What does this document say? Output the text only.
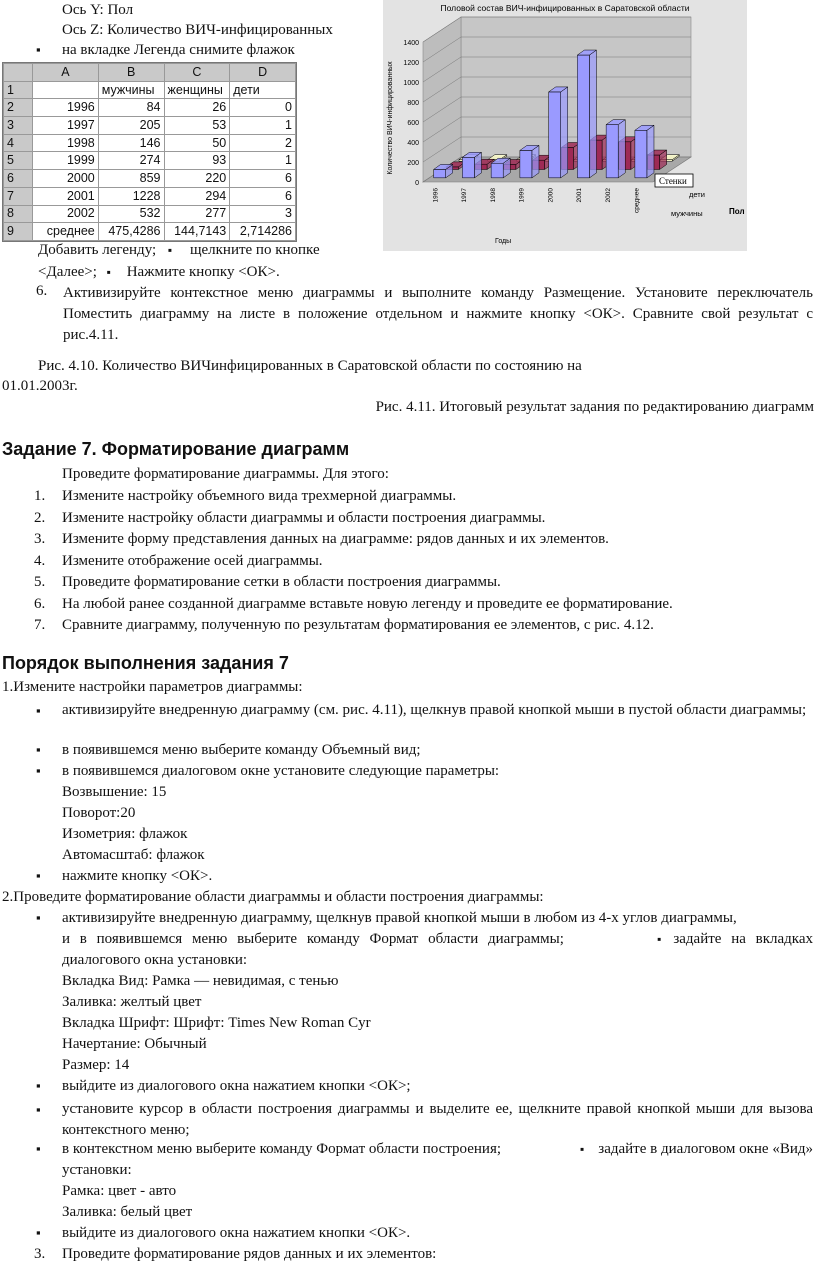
Ось Y: Пол
Ось Z: Количество ВИЧ-инфицированных
▪ на вкладке Легенда снимите флажок
	A	B	C	D
1		мужчины	женщины	дети
2	1996	84	26	0
3	1997	205	53	1
4	1998	146	50	2
5	1999	274	93	1
6	2000	859	220	6
7	2001	1228	294	6
8	2002	532	277	3
9	среднее	475,4286	144,7143	2,714286
Половой состав ВИЧ-инфицированных в Саратовской области
0
200
400
600
800
1000
1200
1400
1996	1997	1998	1999	2000	2001	2002	среднее
мужчины
дети
Количество ВИЧ-инфицированных
Годы
Пол
Стенки
Добавить легенду; ▪ щелкните по кнопке
<Далее>; ▪ Нажмите кнопку <ОК>.
6. Активизируйте контекстное меню диаграммы и выполните команду Размещение. Установите переключатель Поместить диаграмму на листе в положение отдельном и нажмите кнопку <ОК>. Сравните свой результат с рис.4.11.
Рис. 4.10. Количество ВИЧинфицированных в Саратовской области по состоянию на
01.01.2003г.
Рис. 4.11. Итоговый результат задания по редактированию диаграмм
Задание 7. Форматирование диаграмм
Проведите форматирование диаграммы. Для этого:
1. Измените настройку объемного вида трехмерной диаграммы.
2. Измените настройку области диаграммы и области построения диаграммы.
3. Измените форму представления данных на диаграмме: рядов данных и их элементов.
4. Измените отображение осей диаграммы.
5. Проведите форматирование сетки в области построения диаграммы.
6. На любой ранее созданной диаграмме вставьте новую легенду и проведите ее форматирование.
7. Сравните диаграмму, полученную по результатам форматирования ее элементов, с рис. 4.12.
Порядок выполнения задания 7
1.Измените настройки параметров диаграммы:
▪ активизируйте внедренную диаграмму (см. рис. 4.11), щелкнув правой кнопкой мыши в пустой области диаграммы;
▪ в появившемся меню выберите команду Объемный вид;
▪ в появившемся диалоговом окне установите следующие параметры:
Возвышение: 15
Поворот:20
Изометрия: флажок
Автомасштаб: флажок
▪ нажмите кнопку <ОК>.
2.Проведите форматирование области диаграммы и области построения диаграммы:
▪ активизируйте внедренную диаграмму, щелкнув правой кнопкой мыши в любом из 4-х углов диаграммы,
и в появившемся меню выберите команду Формат области диаграммы;	▪ задайте на вкладках
диалогового окна установки:
Вкладка Вид: Рамка — невидимая, с тенью
Заливка: желтый цвет
Вкладка Шрифт: Шрифт: Times New Roman Cyr
Начертание: Обычный
Размер: 14
▪ выйдите из диалогового окна нажатием кнопки <ОК>;
▪ установите курсор в области построения диаграммы и выделите ее, щелкните правой кнопкой мыши для вызова контекстного меню;
▪ в контекстном меню выберите команду Формат области построения;	▪ задайте в диалоговом окне «Вид»
установки:
Рамка: цвет - авто
Заливка: белый цвет
▪ выйдите из диалогового окна нажатием кнопки <ОК>.
3. Проведите форматирование рядов данных и их элементов:
